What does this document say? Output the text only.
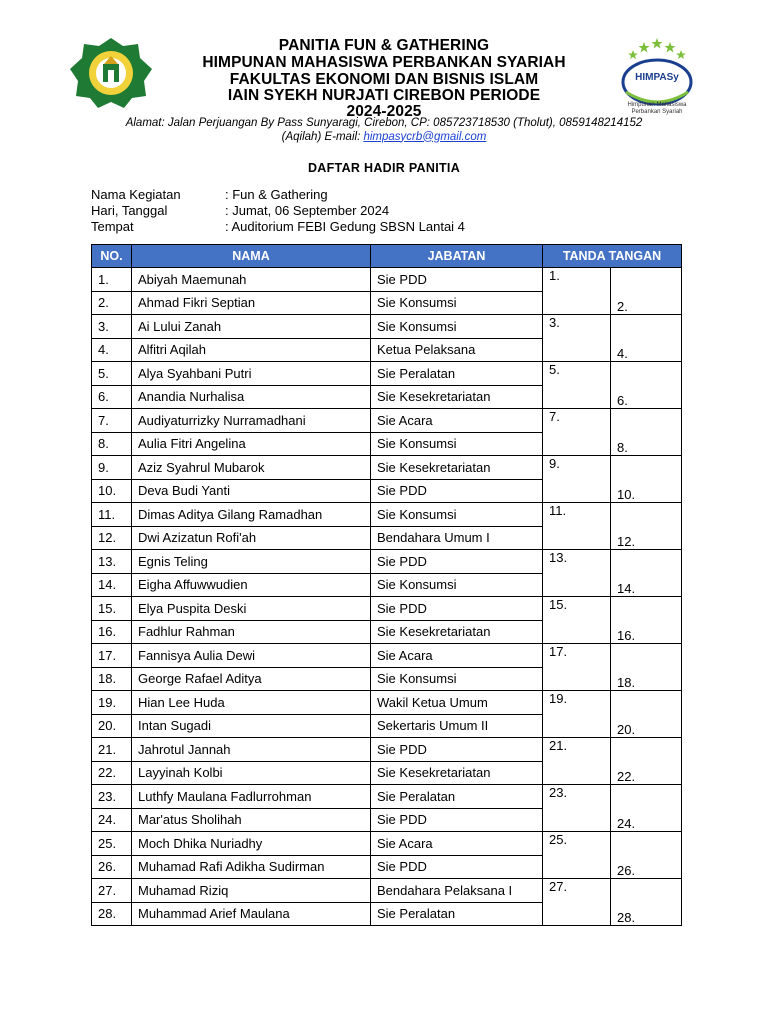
HIMPASy
Himpunan Mahasiswa Perbankan Syariah
PANITIA FUN & GATHERING
HIMPUNAN MAHASISWA PERBANKAN SYARIAH
FAKULTAS EKONOMI DAN BISNIS ISLAM
IAIN SYEKH NURJATI CIREBON PERIODE
2024-2025
Alamat: Jalan Perjuangan By Pass Sunyaragi, Cirebon, CP: 085723718530 (Tholut), 0859148214152
(Aqilah) E-mail: himpasycrb@gmail.com
DAFTAR HADIR PANITIA
Nama Kegiatan	: Fun & Gathering
Hari, Tanggal	: Jumat, 06 September 2024
Tempat	: Auditorium FEBI Gedung SBSN Lantai 4
NO.	NAMA	JABATAN	TANDA TANGAN	
1.	Abiyah Maemunah	Sie PDD	1.	2.
2.	Ahmad Fikri Septian	Sie Konsumsi		
3.	Ai Lului Zanah	Sie Konsumsi	3.	4.
4.	Alfitri Aqilah	Ketua Pelaksana		
5.	Alya Syahbani Putri	Sie Peralatan	5.	6.
6.	Anandia Nurhalisa	Sie Kesekretariatan		
7.	Audiyaturrizky Nurramadhani	Sie Acara	7.	8.
8.	Aulia Fitri Angelina	Sie Konsumsi		
9.	Aziz Syahrul Mubarok	Sie Kesekretariatan	9.	10.
10.	Deva Budi Yanti	Sie PDD		
11.	Dimas Aditya Gilang Ramadhan	Sie Konsumsi	11.	12.
12.	Dwi Azizatun Rofi'ah	Bendahara Umum I		
13.	Egnis Teling	Sie PDD	13.	14.
14.	Eigha Affuwwudien	Sie Konsumsi		
15.	Elya Puspita Deski	Sie PDD	15.	16.
16.	Fadhlur Rahman	Sie Kesekretariatan		
17.	Fannisya Aulia Dewi	Sie Acara	17.	18.
18.	George Rafael Aditya	Sie Konsumsi		
19.	Hian Lee Huda	Wakil Ketua Umum	19.	20.
20.	Intan Sugadi	Sekertaris Umum II		
21.	Jahrotul Jannah	Sie PDD	21.	22.
22.	Layyinah Kolbi	Sie Kesekretariatan		
23.	Luthfy Maulana Fadlurrohman	Sie Peralatan	23.	24.
24.	Mar'atus Sholihah	Sie PDD		
25.	Moch Dhika Nuriadhy	Sie Acara	25.	26.
26.	Muhamad Rafi Adikha Sudirman	Sie PDD		
27.	Muhamad Riziq	Bendahara Pelaksana I	27.	28.
28.	Muhammad Arief Maulana	Sie Peralatan		
